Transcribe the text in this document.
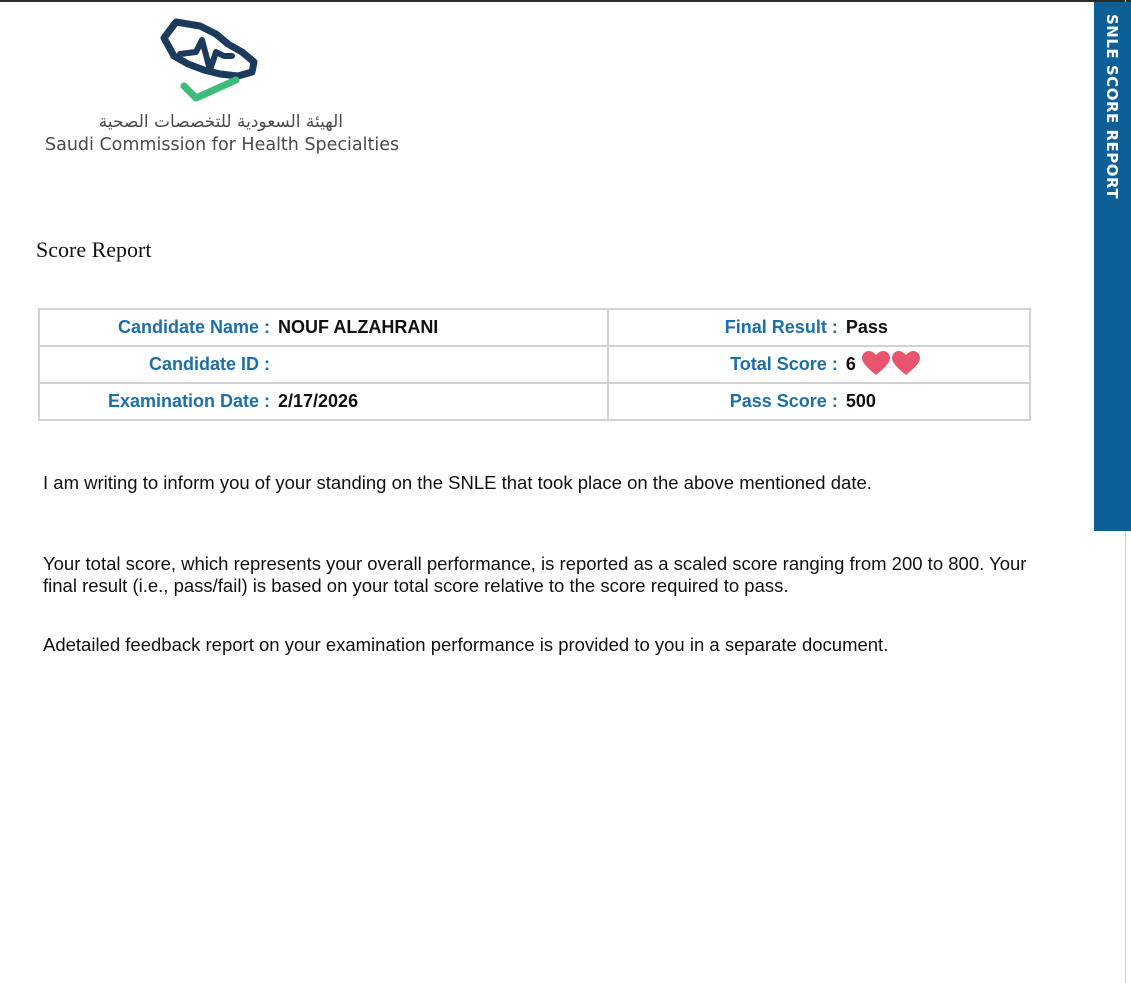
SNLE SCORE REPORT
الهيئة السعودية للتخصصات الصحية
Saudi Commission for Health Specialties
Score Report
Candidate Name : NOUF ALZAHRANI	Final Result : Pass

Candidate ID :	Total Score : 6

Examination Date : 2/17/2026	Pass Score : 500

I am writing to inform you of your standing on the SNLE that took place on the above mentioned date.

Your total score, which represents your overall performance, is reported as a scaled score ranging from 200 to 800. Your final result (i.e., pass/fail) is based on your total score relative to the score required to pass.

Adetailed feedback report on your examination performance is provided to you in a separate document.
